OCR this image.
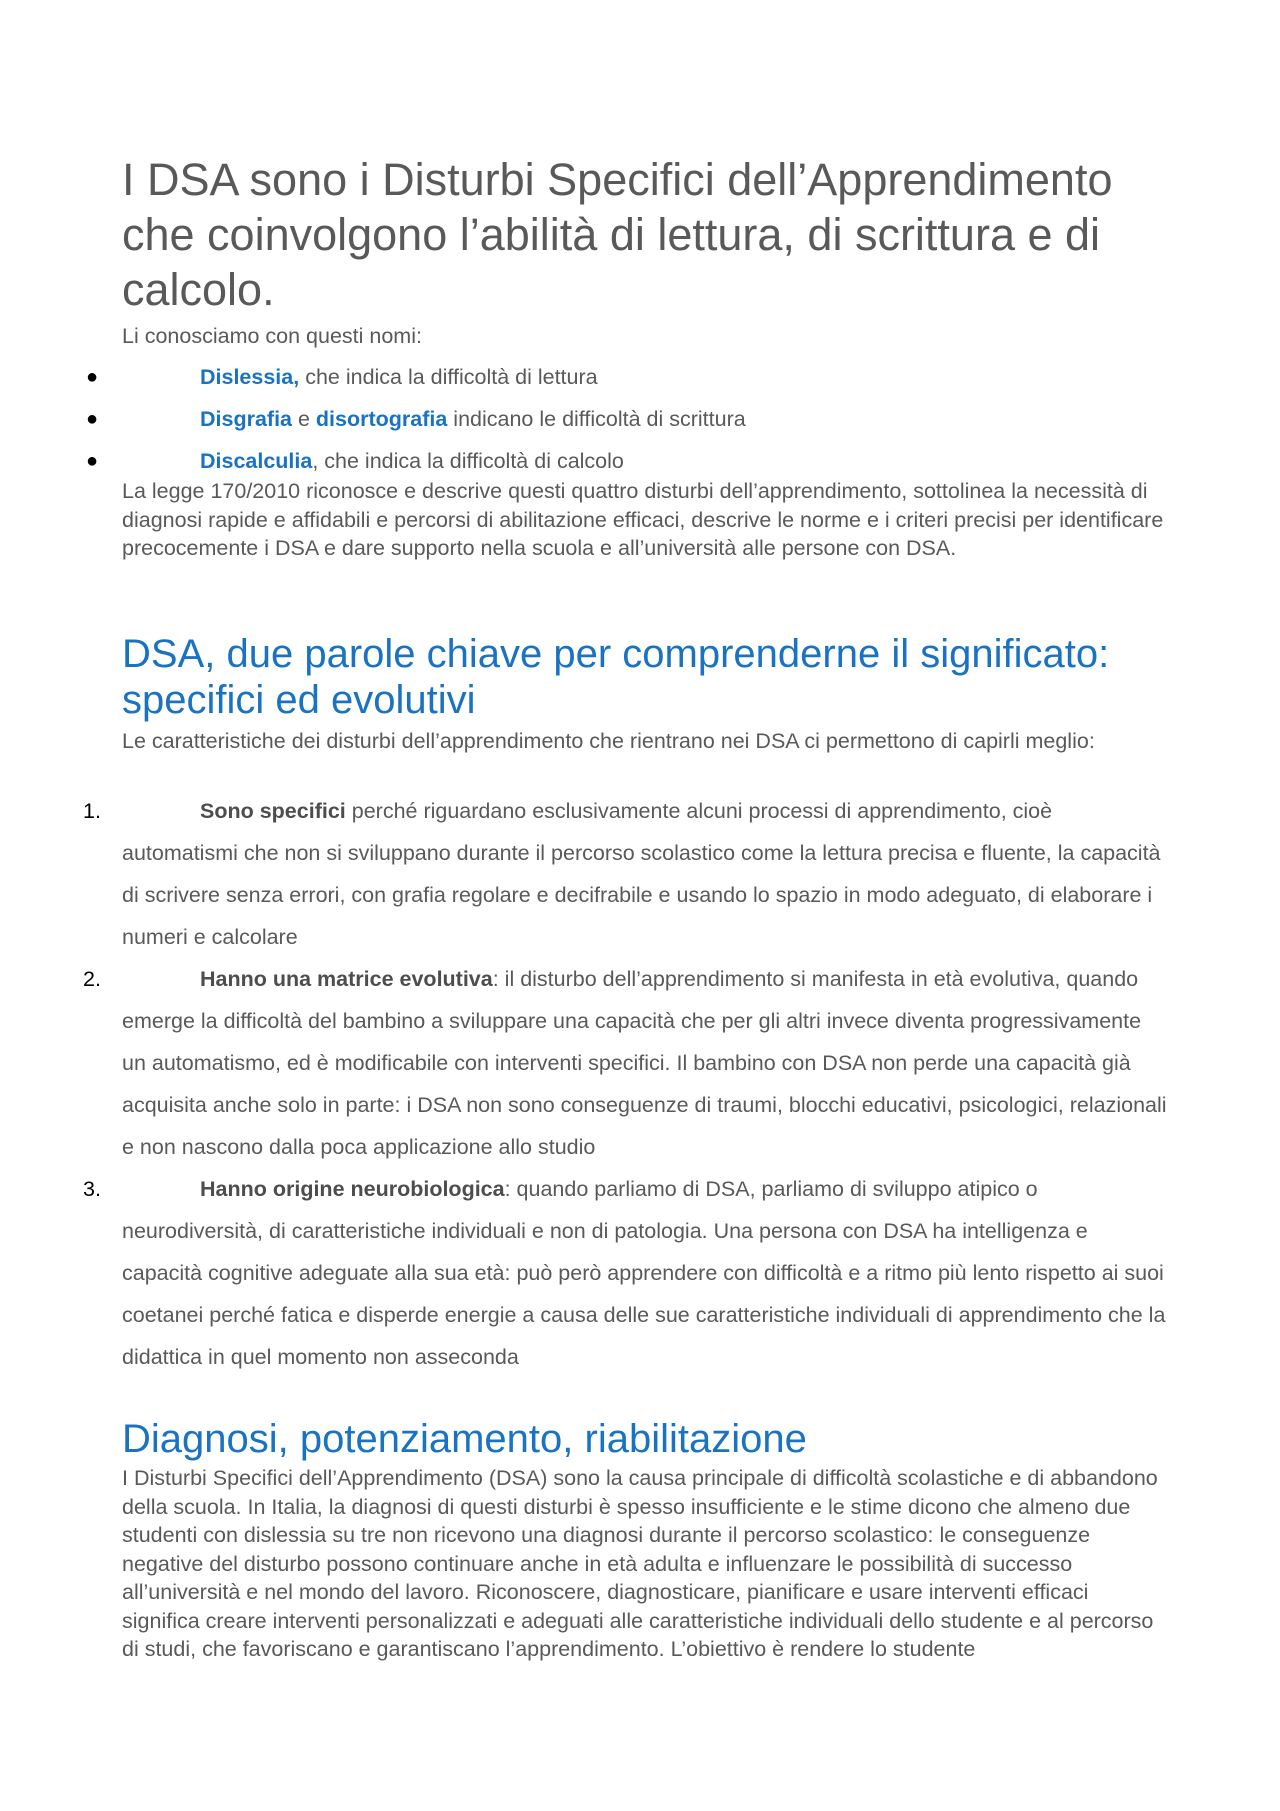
I DSA sono i Disturbi Specifici dell’Apprendimento che coinvolgono l’abilità di lettura, di scrittura e di calcolo.

Li conosciamo con questi nomi:

●	Dislessia, che indica la difficoltà di lettura
●	Disgrafia e disortografia indicano le difficoltà di scrittura
●	Discalculia, che indica la difficoltà di calcolo

La legge 170/2010 riconosce e descrive questi quattro disturbi dell’apprendimento, sottolinea la necessità di diagnosi rapide e affidabili e percorsi di abilitazione efficaci, descrive le norme e i criteri precisi per identificare precocemente i DSA e dare supporto nella scuola e all’università alle persone con DSA.

DSA, due parole chiave per comprenderne il significato: specifici ed evolutivi

Le caratteristiche dei disturbi dell’apprendimento che rientrano nei DSA ci permettono di capirli meglio:

1.	Sono specifici perché riguardano esclusivamente alcuni processi di apprendimento, cioè automatismi che non si sviluppano durante il percorso scolastico come la lettura precisa e fluente, la capacità di scrivere senza errori, con grafia regolare e decifrabile e usando lo spazio in modo adeguato, di elaborare i numeri e calcolare
2.	Hanno una matrice evolutiva: il disturbo dell’apprendimento si manifesta in età evolutiva, quando emerge la difficoltà del bambino a sviluppare una capacità che per gli altri invece diventa progressivamente un automatismo, ed è modificabile con interventi specifici. Il bambino con DSA non perde una capacità già acquisita anche solo in parte: i DSA non sono conseguenze di traumi, blocchi educativi, psicologici, relazionali e non nascono dalla poca applicazione allo studio
3.	Hanno origine neurobiologica: quando parliamo di DSA, parliamo di sviluppo atipico o neurodiversità, di caratteristiche individuali e non di patologia. Una persona con DSA ha intelligenza e capacità cognitive adeguate alla sua età: può però apprendere con difficoltà e a ritmo più lento rispetto ai suoi coetanei perché fatica e disperde energie a causa delle sue caratteristiche individuali di apprendimento che la didattica in quel momento non asseconda
Diagnosi, potenziamento, riabilitazione

I Disturbi Specifici dell’Apprendimento (DSA) sono la causa principale di difficoltà scolastiche e di abbandono della scuola. In Italia, la diagnosi di questi disturbi è spesso insufficiente e le stime dicono che almeno due studenti con dislessia su tre non ricevono una diagnosi durante il percorso scolastico: le conseguenze negative del disturbo possono continuare anche in età adulta e influenzare le possibilità di successo all’università e nel mondo del lavoro. Riconoscere, diagnosticare, pianificare e usare interventi efficaci significa creare interventi personalizzati e adeguati alle caratteristiche individuali dello studente e al percorso di studi, che favoriscano e garantiscano l’apprendimento. L’obiettivo è rendere lo studente
